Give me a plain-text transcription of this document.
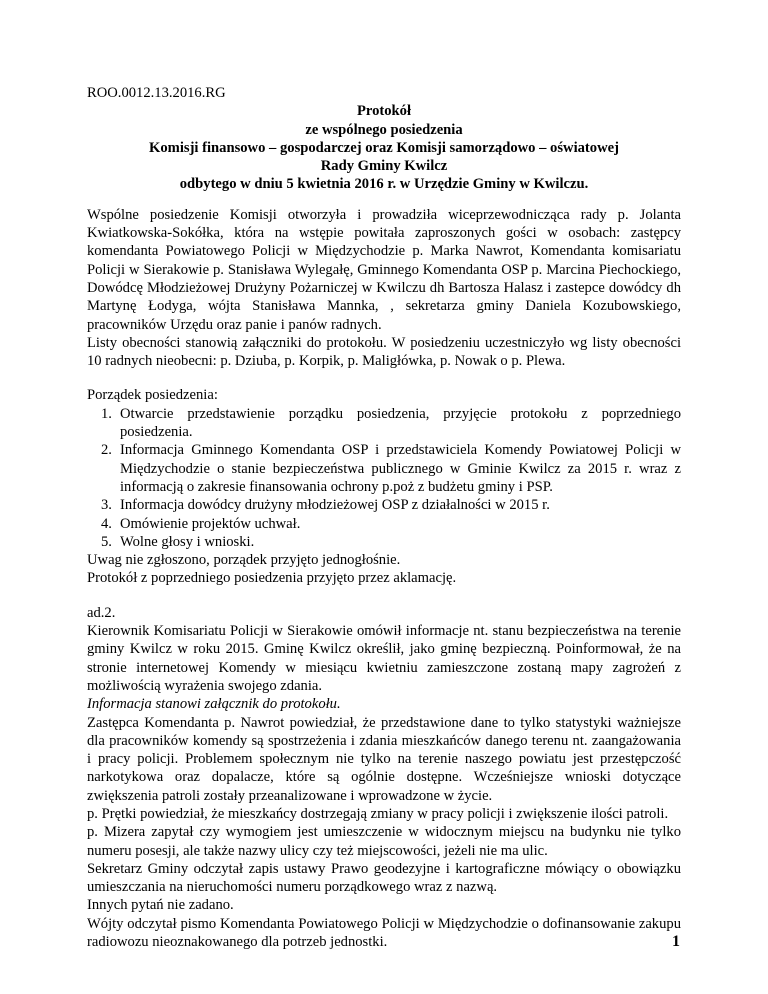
ROO.0012.13.2016.RG
Protokół
ze wspólnego posiedzenia
Komisji finansowo – gospodarczej oraz Komisji samorządowo – oświatowej
Rady Gminy Kwilcz
odbytego w dniu 5 kwietnia 2016 r. w Urzędzie Gminy w Kwilczu.
Wspólne posiedzenie Komisji otworzyła i prowadziła wiceprzewodnicząca rady p. Jolanta Kwiatkowska-Sokółka, która na wstępie powitała zaproszonych gości w osobach: zastępcy komendanta Powiatowego Policji w Międzychodzie p. Marka Nawrot, Komendanta komisariatu Policji w Sierakowie p. Stanisława Wylegałę, Gminnego Komendanta OSP p. Marcina Piechockiego, Dowódcę Młodzieżowej Drużyny Pożarniczej w Kwilczu dh Bartosza Halasz i zastepce dowódcy dh Martynę Łodyga, wójta Stanisława Mannka, , sekretarza gminy Daniela Kozubowskiego, pracowników Urzędu oraz panie i panów radnych.
Listy obecności stanowią załączniki do protokołu. W posiedzeniu uczestniczyło wg listy obecności 10 radnych nieobecni: p. Dziuba, p. Korpik, p. Maligłówka, p. Nowak o p. Plewa.
Porządek posiedzenia:
1. Otwarcie przedstawienie porządku posiedzenia, przyjęcie protokołu z poprzedniego posiedzenia.
2. Informacja Gminnego Komendanta OSP i przedstawiciela Komendy Powiatowej Policji w Międzychodzie o stanie bezpieczeństwa publicznego w Gminie Kwilcz za 2015 r. wraz z informacją o zakresie finansowania ochrony p.poż z budżetu gminy i PSP.
3. Informacja dowódcy drużyny młodzieżowej OSP z działalności w 2015 r.
4. Omówienie projektów uchwał.
5. Wolne głosy i wnioski.
Uwag nie zgłoszono, porządek przyjęto jednogłośnie.
Protokół z poprzedniego posiedzenia przyjęto przez aklamację.
ad.2.
Kierownik Komisariatu Policji w Sierakowie omówił informacje nt. stanu bezpieczeństwa na terenie gminy Kwilcz w roku 2015. Gminę Kwilcz określił, jako gminę bezpieczną. Poinformował, że na stronie internetowej Komendy w miesiącu kwietniu zamieszczone zostaną mapy zagrożeń z możliwością wyrażenia swojego zdania.
Informacja stanowi załącznik do protokołu.
Zastępca Komendanta p. Nawrot powiedział, że przedstawione dane to tylko statystyki ważniejsze dla pracowników komendy są spostrzeżenia i zdania mieszkańców danego terenu nt. zaangażowania i pracy policji. Problemem społecznym nie tylko na terenie naszego powiatu jest przestępczość narkotykowa oraz dopalacze, które są ogólnie dostępne. Wcześniejsze wnioski dotyczące zwiększenia patroli zostały przeanalizowane i wprowadzone w życie.
p. Prętki powiedział, że mieszkańcy dostrzegają zmiany w pracy policji i zwiększenie ilości patroli.
p. Mizera zapytał czy wymogiem jest umieszczenie w widocznym miejscu na budynku nie tylko numeru posesji, ale także nazwy ulicy czy też miejscowości, jeżeli nie ma ulic.
Sekretarz Gminy odczytał zapis ustawy Prawo geodezyjne i kartograficzne mówiący o obowiązku umieszczania na nieruchomości numeru porządkowego wraz z nazwą.
Innych pytań nie zadano.
Wójty odczytał pismo Komendanta Powiatowego Policji w Międzychodzie o dofinansowanie zakupu radiowozu nieoznakowanego dla potrzeb jednostki.	1
